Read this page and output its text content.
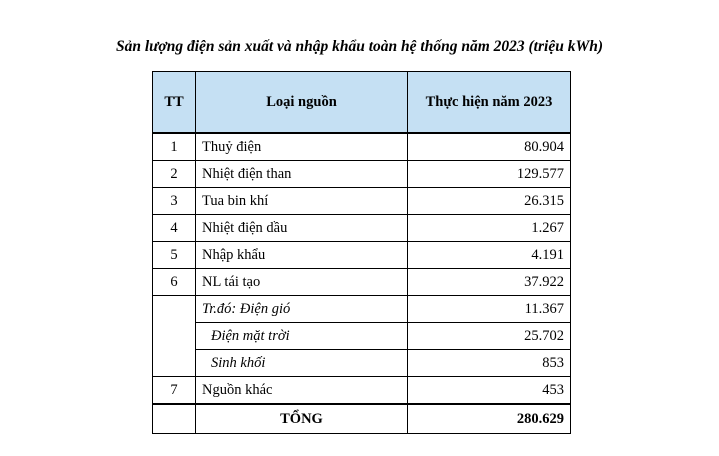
Sản lượng điện sản xuất và nhập khẩu toàn hệ thống năm 2023 (triệu kWh)
TT	Loại nguồn	Thực hiện năm 2023
1	Thuỷ điện	80.904
2	Nhiệt điện than	129.577
3	Tua bin khí	26.315
4	Nhiệt điện dầu	1.267
5	Nhập khẩu	4.191
6	NL tái tạo	37.922
	Tr.đó: Điện gió	11.367
	Điện mặt trời	25.702
	Sinh khối	853
7	Nguồn khác	453
	TỔNG	280.629
